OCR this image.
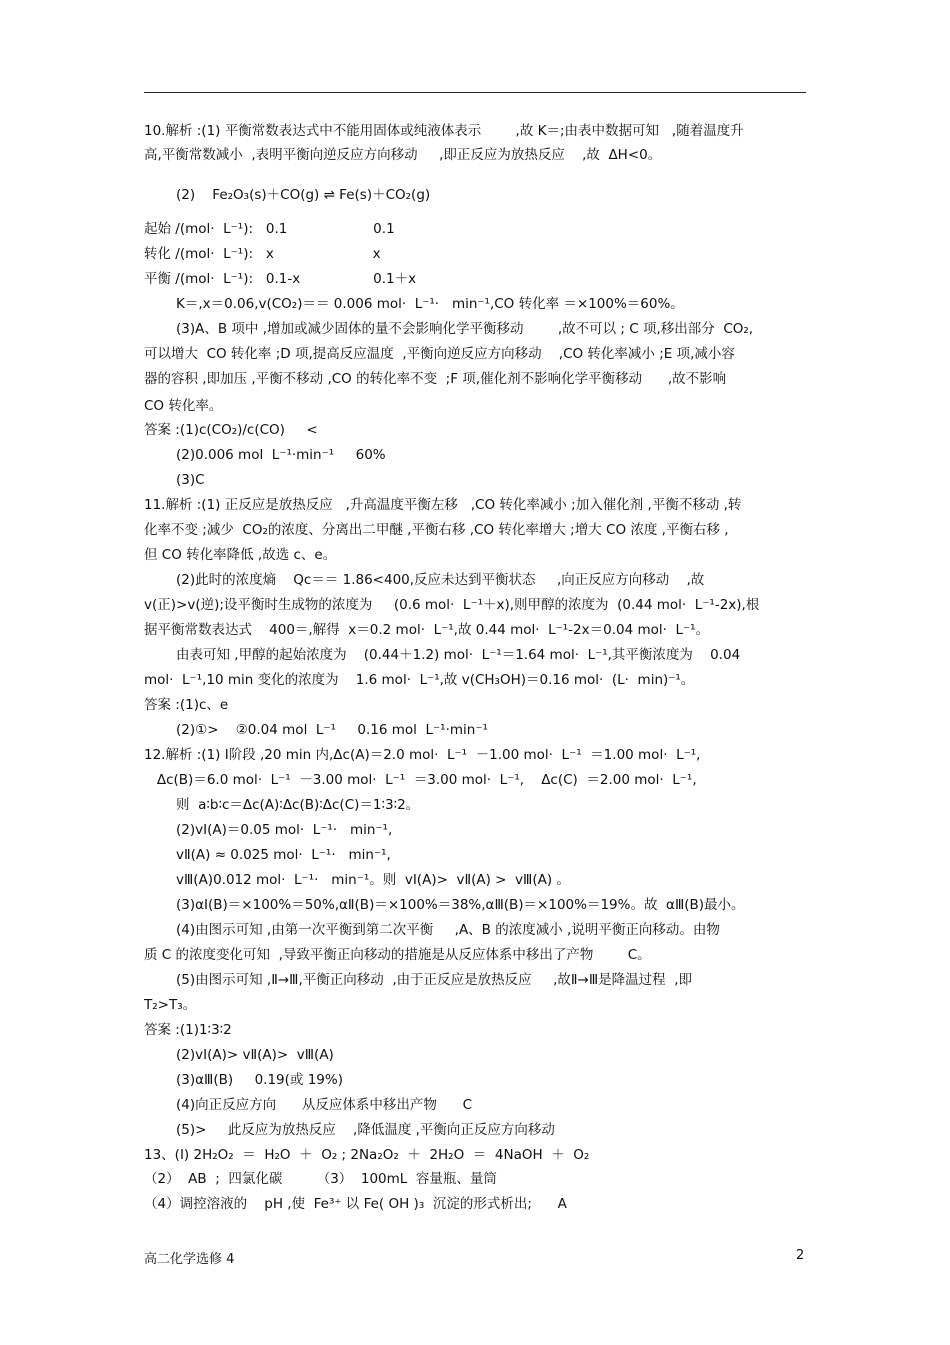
10.解析 :(1) 平衡常数表达式中不能用固体或纯液体表示        ,故 K＝;由表中数据可知   ,随着温度升
高,平衡常数减小  ,表明平衡向逆反应方向移动     ,即正反应为放热反应    ,故  ΔH<0。
(2)    Fe₂O₃(s)＋CO(g) ⇌ Fe(s)＋CO₂(g)
起始 /(mol·  L⁻¹):   0.1                    0.1
转化 /(mol·  L⁻¹):   x                       x
平衡 /(mol·  L⁻¹):   0.1-x                 0.1＋x
K＝,x＝0.06,v(CO₂)＝＝ 0.006 mol·  L⁻¹·   min⁻¹,CO 转化率 ＝×100%＝60%。
(3)A、B 项中 ,增加或减少固体的量不会影响化学平衡移动        ,故不可以 ; C 项,移出部分  CO₂,
可以增大  CO 转化率 ;D 项,提高反应温度  ,平衡向逆反应方向移动    ,CO 转化率减小 ;E 项,减小容
器的容积 ,即加压 ,平衡不移动 ,CO 的转化率不变  ;F 项,催化剂不影响化学平衡移动      ,故不影响
CO 转化率。
答案 :(1)c(CO₂)/c(CO)     <
(2)0.006 mol  L⁻¹·min⁻¹     60%
(3)C
11.解析 :(1) 正反应是放热反应   ,升高温度平衡左移   ,CO 转化率减小 ;加入催化剂 ,平衡不移动 ,转
化率不变 ;减少  CO₂的浓度、分离出二甲醚 ,平衡右移 ,CO 转化率增大 ;增大 CO 浓度 ,平衡右移 ,
但 CO 转化率降低 ,故选 c、e。
(2)此时的浓度熵    Qc＝＝ 1.86<400,反应未达到平衡状态     ,向正反应方向移动    ,故
v(正)>v(逆);设平衡时生成物的浓度为     (0.6 mol·  L⁻¹＋x),则甲醇的浓度为  (0.44 mol·  L⁻¹-2x),根
据平衡常数表达式    400＝,解得  x＝0.2 mol·  L⁻¹,故 0.44 mol·  L⁻¹-2x＝0.04 mol·  L⁻¹。
由表可知 ,甲醇的起始浓度为    (0.44＋1.2) mol·  L⁻¹＝1.64 mol·  L⁻¹,其平衡浓度为    0.04
mol·  L⁻¹,10 min 变化的浓度为    1.6 mol·  L⁻¹,故 v(CH₃OH)＝0.16 mol·  (L·  min)⁻¹。
答案 :(1)c、e
(2)①>    ②0.04 mol  L⁻¹     0.16 mol  L⁻¹·min⁻¹
12.解析 :(1) Ⅰ阶段 ,20 min 内,Δc(A)＝2.0 mol·  L⁻¹  －1.00 mol·  L⁻¹  ＝1.00 mol·  L⁻¹,
Δc(B)＝6.0 mol·  L⁻¹  －3.00 mol·  L⁻¹  ＝3.00 mol·  L⁻¹,    Δc(C)  ＝2.00 mol·  L⁻¹,
则  a∶b∶c＝Δc(A)∶Δc(B)∶Δc(C)＝1∶3∶2。
(2)vⅠ(A)＝0.05 mol·  L⁻¹·   min⁻¹,
vⅡ(A) ≈ 0.025 mol·  L⁻¹·   min⁻¹,
vⅢ(A)0.012 mol·  L⁻¹·   min⁻¹。则  vⅠ(A)>  vⅡ(A) >  vⅢ(A) 。
(3)αⅠ(B)＝×100%＝50%,αⅡ(B)＝×100%＝38%,αⅢ(B)＝×100%＝19%。故  αⅢ(B)最小。
(4)由图示可知 ,由第一次平衡到第二次平衡     ,A、B 的浓度减小 ,说明平衡正向移动。由物
质 C 的浓度变化可知  ,导致平衡正向移动的措施是从反应体系中移出了产物        C。
(5)由图示可知 ,Ⅱ→Ⅲ,平衡正向移动  ,由于正反应是放热反应     ,故Ⅱ→Ⅲ是降温过程  ,即
T₂>T₃。
答案 :(1)1∶3∶2
(2)vⅠ(A)> vⅡ(A)>  vⅢ(A)
(3)αⅢ(B)     0.19(或 19%)
(4)向正反应方向      从反应体系中移出产物      C
(5)>     此反应为放热反应    ,降低温度 ,平衡向正反应方向移动
13、(Ⅰ) 2H₂O₂  ＝  H₂O  ＋  O₂ ; 2Na₂O₂  ＋  2H₂O  ＝  4NaOH  ＋  O₂
（2）  AB  ;  四氯化碳        （3）  100mL  容量瓶、量筒
（4）调控溶液的    pH ,使  Fe³⁺ 以 Fe( OH )₃  沉淀的形式析出;      A
高二化学选修 4	2
